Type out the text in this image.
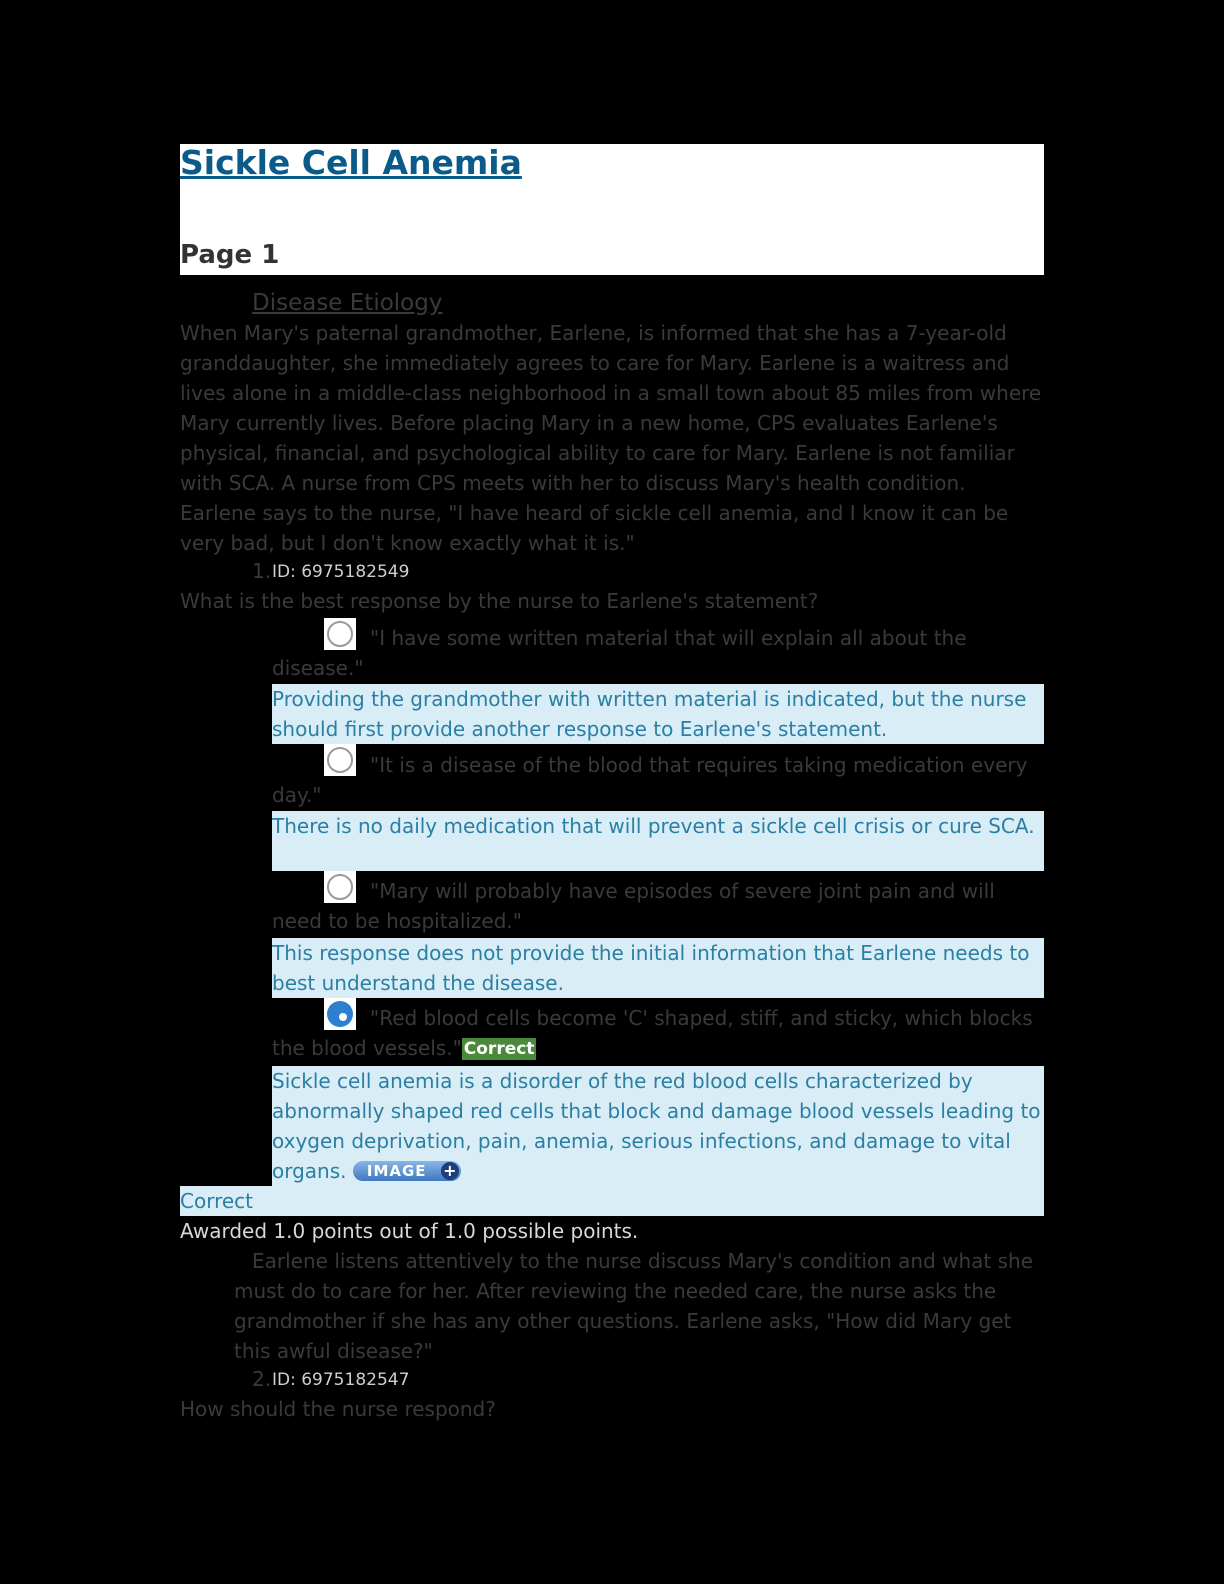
Sickle Cell Anemia
Page 1
Disease Etiology
When Mary's paternal grandmother, Earlene, is informed that she has a 7-year-old granddaughter, she immediately agrees to care for Mary. Earlene is a waitress and lives alone in a middle-class neighborhood in a small town about 85 miles from where Mary currently lives. Before placing Mary in a new home, CPS evaluates Earlene's physical, financial, and psychological ability to care for Mary. Earlene is not familiar with SCA. A nurse from CPS meets with her to discuss Mary's health condition. Earlene says to the nurse, "I have heard of sickle cell anemia, and I know it can be very bad, but I don't know exactly what it is."
1. ID: 6975182549
What is the best response by the nurse to Earlene's statement?
"I have some written material that will explain all about the disease."
Providing the grandmother with written material is indicated, but the nurse should first provide another response to Earlene's statement.
"It is a disease of the blood that requires taking medication every day."
There is no daily medication that will prevent a sickle cell crisis or cure SCA.
"Mary will probably have episodes of severe joint pain and will need to be hospitalized."
This response does not provide the initial information that Earlene needs to best understand the disease.
"Red blood cells become 'C' shaped, stiff, and sticky, which blocks the blood vessels." Correct
Sickle cell anemia is a disorder of the red blood cells characterized by abnormally shaped red cells that block and damage blood vessels leading to oxygen deprivation, pain, anemia, serious infections, and damage to vital organs. IMAGE +
Correct
Awarded 1.0 points out of 1.0 possible points.
Earlene listens attentively to the nurse discuss Mary's condition and what she must do to care for her. After reviewing the needed care, the nurse asks the grandmother if she has any other questions. Earlene asks, "How did Mary get this awful disease?"
2. ID: 6975182547
How should the nurse respond?
